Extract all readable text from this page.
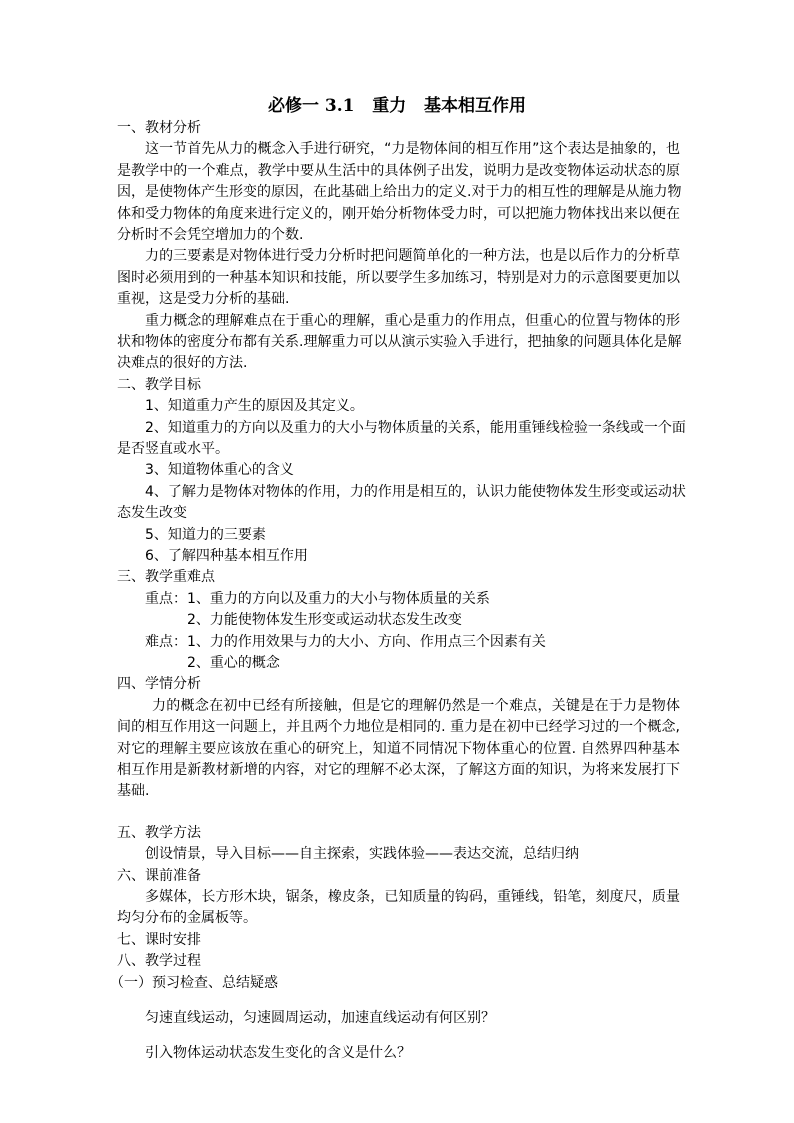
必修一 3.1   重力   基本相互作用
一、教材分析
这一节首先从力的概念入手进行研究，“力是物体间的相互作用”这个表达是抽象的，也
是教学中的一个难点，教学中要从生活中的具体例子出发，说明力是改变物体运动状态的原
因，是使物体产生形变的原因，在此基础上给出力的定义.对于力的相互性的理解是从施力物
体和受力物体的角度来进行定义的，刚开始分析物体受力时，可以把施力物体找出来以便在
分析时不会凭空增加力的个数.
力的三要素是对物体进行受力分析时把问题简单化的一种方法，也是以后作力的分析草
图时必须用到的一种基本知识和技能，所以要学生多加练习，特别是对力的示意图要更加以
重视，这是受力分析的基础.
重力概念的理解难点在于重心的理解，重心是重力的作用点，但重心的位置与物体的形
状和物体的密度分布都有关系.理解重力可以从演示实验入手进行，把抽象的问题具体化是解
决难点的很好的方法.
二、教学目标
1、知道重力产生的原因及其定义。
2、知道重力的方向以及重力的大小与物体质量的关系，能用重锤线检验一条线或一个面
是否竖直或水平。
3、知道物体重心的含义
4、了解力是物体对物体的作用，力的作用是相互的，认识力能使物体发生形变或运动状
态发生改变
5、知道力的三要素
6、了解四种基本相互作用
三、教学重难点
重点：1、重力的方向以及重力的大小与物体质量的关系
2、力能使物体发生形变或运动状态发生改变
难点：1、力的作用效果与力的大小、方向、作用点三个因素有关
2、重心的概念
四、学情分析
力的概念在初中已经有所接触，但是它的理解仍然是一个难点，关键是在于力是物体
间的相互作用这一问题上，并且两个力地位是相同的. 重力是在初中已经学习过的一个概念,
对它的理解主要应该放在重心的研究上，知道不同情况下物体重心的位置. 自然界四种基本
相互作用是新教材新增的内容，对它的理解不必太深，了解这方面的知识，为将来发展打下
基础.
五、教学方法
创设情景，导入目标——自主探索，实践体验——表达交流，总结归纳
六、课前准备
多媒体，长方形木块，锯条，橡皮条，已知质量的钩码，重锤线，铅笔，刻度尺，质量
均匀分布的金属板等。
七、课时安排
八、教学过程
（一）预习检查、总结疑惑
匀速直线运动，匀速圆周运动，加速直线运动有何区别？
引入物体运动状态发生变化的含义是什么？
